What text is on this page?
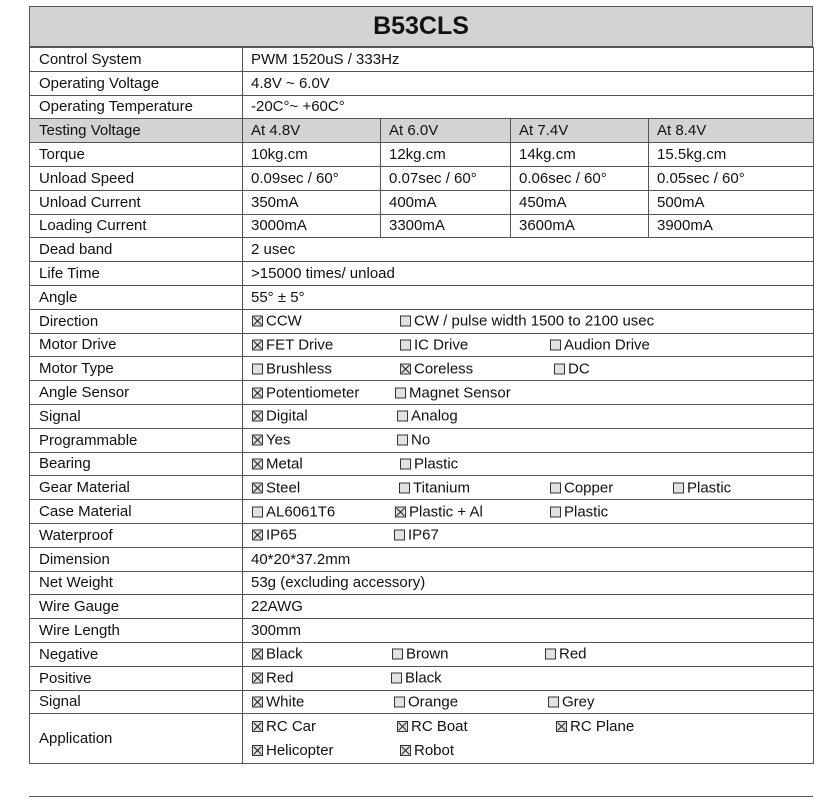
B53CLS
Control System	PWM 1520uS / 333Hz			
Operating Voltage	4.8V ~ 6.0V			
Operating Temperature	-20C°~ +60C°			
Testing Voltage	At 4.8V	At 6.0V	At 7.4V	At 8.4V
Torque	10kg.cm	12kg.cm	14kg.cm	15.5kg.cm
Unload Speed	0.09sec / 60°	0.07sec / 60°	0.06sec / 60°	0.05sec / 60°
Unload Current	350mA	400mA	450mA	500mA
Loading Current	3000mA	3300mA	3600mA	3900mA
Dead band	2 usec			
Life Time	>15000 times/ unload			
Angle	55° ± 5°			
Direction	CCW CW / pulse width 1500 to 2100 usec			

Motor Drive	FET Drive IC Drive Audion Drive			

Motor Type	Brushless Coreless DC			

Angle Sensor	Potentiometer Magnet Sensor			

Signal	Digital Analog			

Programmable	Yes No			

Bearing	Metal Plastic			

Gear Material	Steel Titanium Copper Plastic			

Case Material	AL6061T6 Plastic + Al Plastic			

Waterproof	IP65 IP67			

Dimension	40*20*37.2mm			
Net Weight	53g (excluding accessory)			
Wire Gauge	22AWG			
Wire Length	300mm			
Negative	Black Brown Red			

Positive	Red Black			

Signal	White Orange Grey			

Application	RC Car RC Boat RC Plane
Helicopter Robot			
